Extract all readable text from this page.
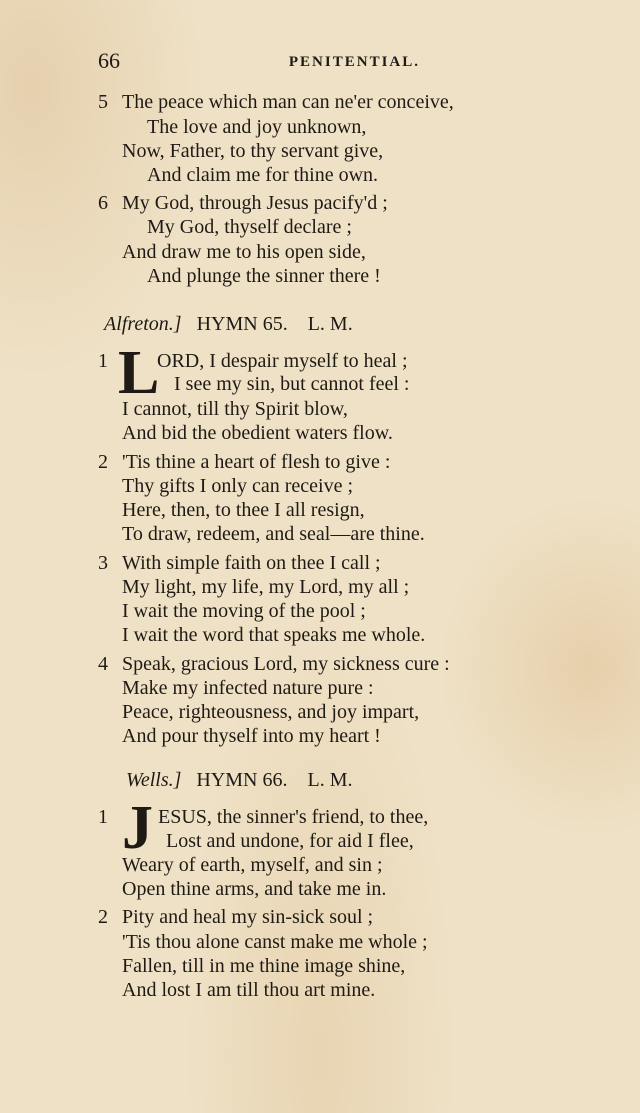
66	PENITENTIAL.
5 The peace which man can ne'er conceive,
The love and joy unknown,
Now, Father, to thy servant give,
And claim me for thine own.
6 My God, through Jesus pacify'd ;
My God, thyself declare ;
And draw me to his open side,
And plunge the sinner there !
Alfreton.] HYMN 65. L. M.
1 L
ORD, I despair myself to heal ;
I see my sin, but cannot feel :
I cannot, till thy Spirit blow,
And bid the obedient waters flow.
2 'Tis thine a heart of flesh to give :
Thy gifts I only can receive ;
Here, then, to thee I all resign,
To draw, redeem, and seal—are thine.
3 With simple faith on thee I call ;
My light, my life, my Lord, my all ;
I wait the moving of the pool ;
I wait the word that speaks me whole.
4 Speak, gracious Lord, my sickness cure :
Make my infected nature pure :
Peace, righteousness, and joy impart,
And pour thyself into my heart !
Wells.] HYMN 66. L. M.
1 J ESUS, the sinner's friend, to thee,
Lost and undone, for aid I flee,
Weary of earth, myself, and sin ;
Open thine arms, and take me in.
2 Pity and heal my sin-sick soul ;
'Tis thou alone canst make me whole ;
Fallen, till in me thine image shine,
And lost I am till thou art mine.
